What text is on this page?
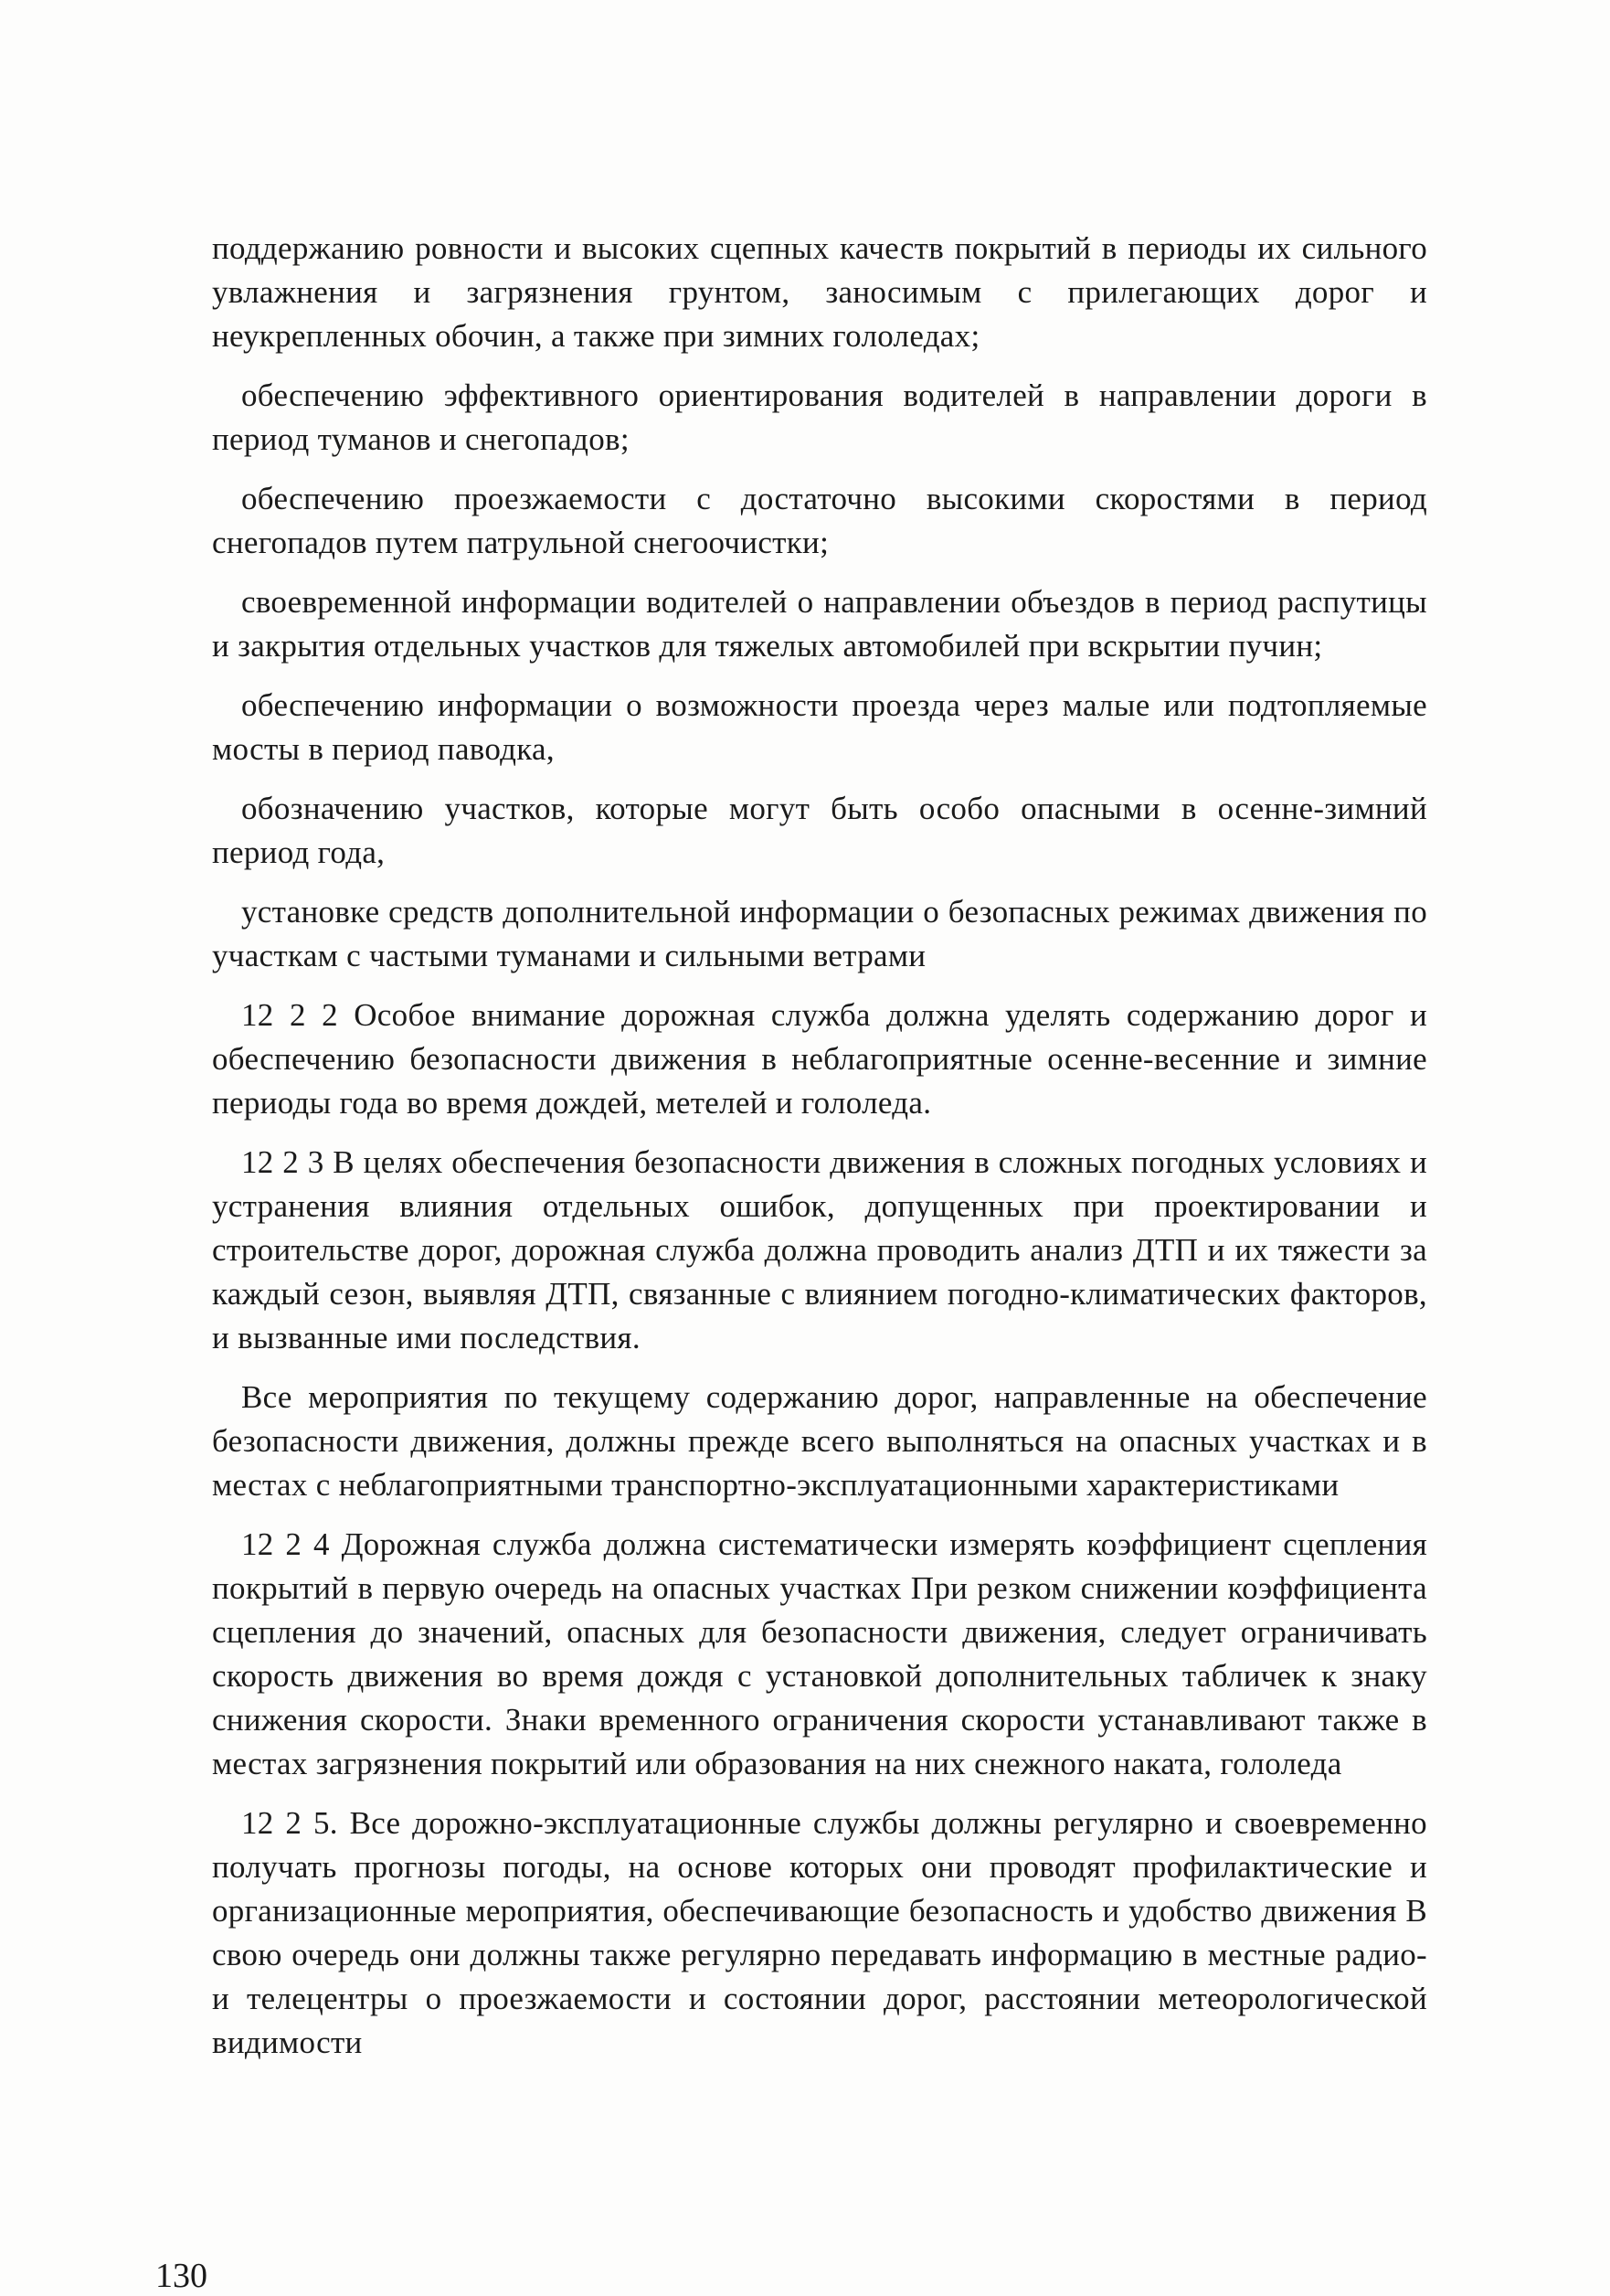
поддержанию ровности и высоких сцепных качеств покрытий в периоды их сильного увлажнения и загрязнения грунтом, заносимым с прилегающих дорог и неукрепленных обочин, а также при зимних гололедах;

обеспечению эффективного ориентирования водителей в направлении дороги в период туманов и снегопадов;

обеспечению проезжаемости с достаточно высокими скоростями в период снегопадов путем патрульной снегоочистки;

своевременной информации водителей о направлении объездов в период распутицы и закрытия отдельных участков для тяжелых автомобилей при вскрытии пучин;

обеспечению информации о возможности проезда через малые или подтопляемые мосты в период паводка,

обозначению участков, которые могут быть особо опасными в осенне-зимний период года,

установке средств дополнительной информации о безопасных режимах движения по участкам с частыми туманами и сильными ветрами

12 2 2 Особое внимание дорожная служба должна уделять содержанию дорог и обеспечению безопасности движения в неблагоприятные осенне-весенние и зимние периоды года во время дождей, метелей и гололеда.

12 2 3 В целях обеспечения безопасности движения в сложных погодных условиях и устранения влияния отдельных ошибок, допущенных при проектировании и строительстве дорог, дорожная служба должна проводить анализ ДТП и их тяжести за каждый сезон, выявляя ДТП, связанные с влиянием погодно-климатических факторов, и вызванные ими последствия.

Все мероприятия по текущему содержанию дорог, направленные на обеспечение безопасности движения, должны прежде всего выполняться на опасных участках и в местах с неблагоприятными транспортно-эксплуатационными характеристиками

12 2 4 Дорожная служба должна систематически измерять коэффициент сцепления покрытий в первую очередь на опасных участках При резком снижении коэффициента сцепления до значений, опасных для безопасности движения, следует ограничивать скорость движения во время дождя с установкой дополнительных табличек к знаку снижения скорости. Знаки временного ограничения скорости устанавливают также в местах загрязнения покрытий или образования на них снежного наката, гололеда

12 2 5. Все дорожно-эксплуатационные службы должны регулярно и своевременно получать прогнозы погоды, на основе которых они проводят профилактические и организационные мероприятия, обеспечивающие безопасность и удобство движения В свою очередь они должны также регулярно передавать информацию в местные радио- и телецентры о проезжаемости и состоянии дорог, расстоянии метеорологической видимости

130
